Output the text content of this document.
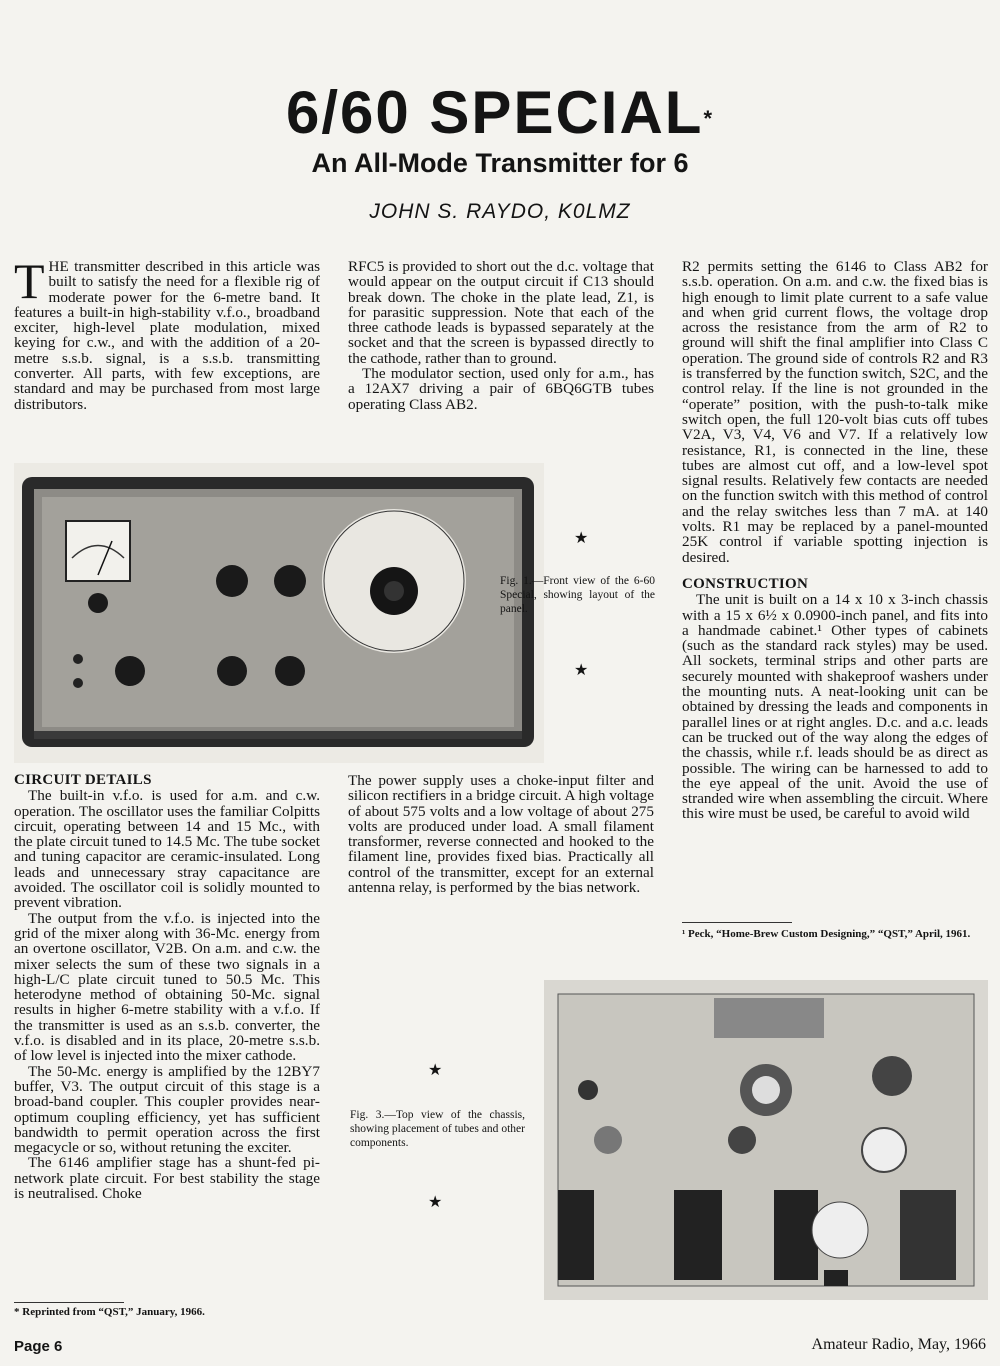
6/60 SPECIAL*
An All-Mode Transmitter for 6
JOHN S. RAYDO, K0LMZ
THE transmitter described in this article was built to satisfy the need for a flexible rig of moderate power for the 6-metre band. It features a built-in high-stability v.f.o., broadband exciter, high-level plate modulation, mixed keying for c.w., and with the addition of a 20-metre s.s.b. signal, is a s.s.b. transmitting converter. All parts, with few exceptions, are standard and may be purchased from most large distributors.

RFC5 is provided to short out the d.c. voltage that would appear on the output circuit if C13 should break down. The choke in the plate lead, Z1, is for parasitic suppression. Note that each of the three cathode leads is bypassed separately at the socket and that the screen is bypassed directly to the cathode, rather than to ground.

The modulator section, used only for a.m., has a 12AX7 driving a pair of 6BQ6GTB tubes operating Class AB2.

R2 permits setting the 6146 to Class AB2 for s.s.b. operation. On a.m. and c.w. the fixed bias is high enough to limit plate current to a safe value and when grid current flows, the voltage drop across the resistance from the arm of R2 to ground will shift the final amplifier into Class C operation. The ground side of controls R2 and R3 is transferred by the function switch, S2C, and the control relay. If the line is not grounded in the “operate” position, with the push-to-talk mike switch open, the full 120-volt bias cuts off tubes V2A, V3, V4, V6 and V7. If a relatively low resistance, R1, is connected in the line, these tubes are almost cut off, and a low-level spot signal results. Relatively few contacts are needed on the function switch with this method of control and the relay switches less than 7 mA. at 140 volts. R1 may be replaced by a panel-mounted 25K control if variable spotting injection is desired.

CONSTRUCTION

The unit is built on a 14 x 10 x 3-inch chassis with a 15 x 6½ x 0.0900-inch panel, and fits into a handmade cabinet.¹ Other types of cabinets (such as the standard rack styles) may be used. All sockets, terminal strips and other parts are securely mounted with shakeproof washers under the mounting nuts. A neat-looking unit can be obtained by dressing the leads and components in parallel lines or at right angles. D.c. and a.c. leads can be trucked out of the way along the edges of the chassis, while r.f. leads should be as direct as possible. The wiring can be harnessed to add to the eye appeal of the unit. Avoid the use of stranded wire when assembling the circuit. Where this wire must be used, be careful to avoid wild

¹ Peck, “Home-Brew Custom Designing,” “QST,” April, 1961.
★
Fig. 1.—Front view of the 6-60 Special, showing layout of the panel.
★

CIRCUIT DETAILS

The built-in v.f.o. is used for a.m. and c.w. operation. The oscillator uses the familiar Colpitts circuit, operating between 14 and 15 Mc., with the plate circuit tuned to 14.5 Mc. The tube socket and tuning capacitor are ceramic-insulated. Long leads and unnecessary stray capacitance are avoided. The oscillator coil is solidly mounted to prevent vibration.

The output from the v.f.o. is injected into the grid of the mixer along with 36-Mc. energy from an overtone oscillator, V2B. On a.m. and c.w. the mixer selects the sum of these two signals in a high-L/C plate circuit tuned to 50.5 Mc. This heterodyne method of obtaining 50-Mc. signal results in higher 6-metre stability with a v.f.o. If the transmitter is used as an s.s.b. converter, the v.f.o. is disabled and in its place, 20-metre s.s.b. of low level is injected into the mixer cathode.

The 50-Mc. energy is amplified by the 12BY7 buffer, V3. The output circuit of this stage is a broad-band coupler. This coupler provides near-optimum coupling efficiency, yet has sufficient bandwidth to permit operation across the first megacycle or so, without retuning the exciter.

The 6146 amplifier stage has a shunt-fed pi-network plate circuit. For best stability the stage is neutralised. Choke

* Reprinted from “QST,” January, 1966.

The power supply uses a choke-input filter and silicon rectifiers in a bridge circuit. A high voltage of about 575 volts and a low voltage of about 275 volts are produced under load. A small filament transformer, reverse connected and hooked to the filament line, provides fixed bias. Practically all control of the transmitter, except for an external antenna relay, is performed by the bias network.

★
Fig. 3.—Top view of the chassis, showing placement of tubes and other components.
★
Page 6	Amateur Radio, May, 1966
